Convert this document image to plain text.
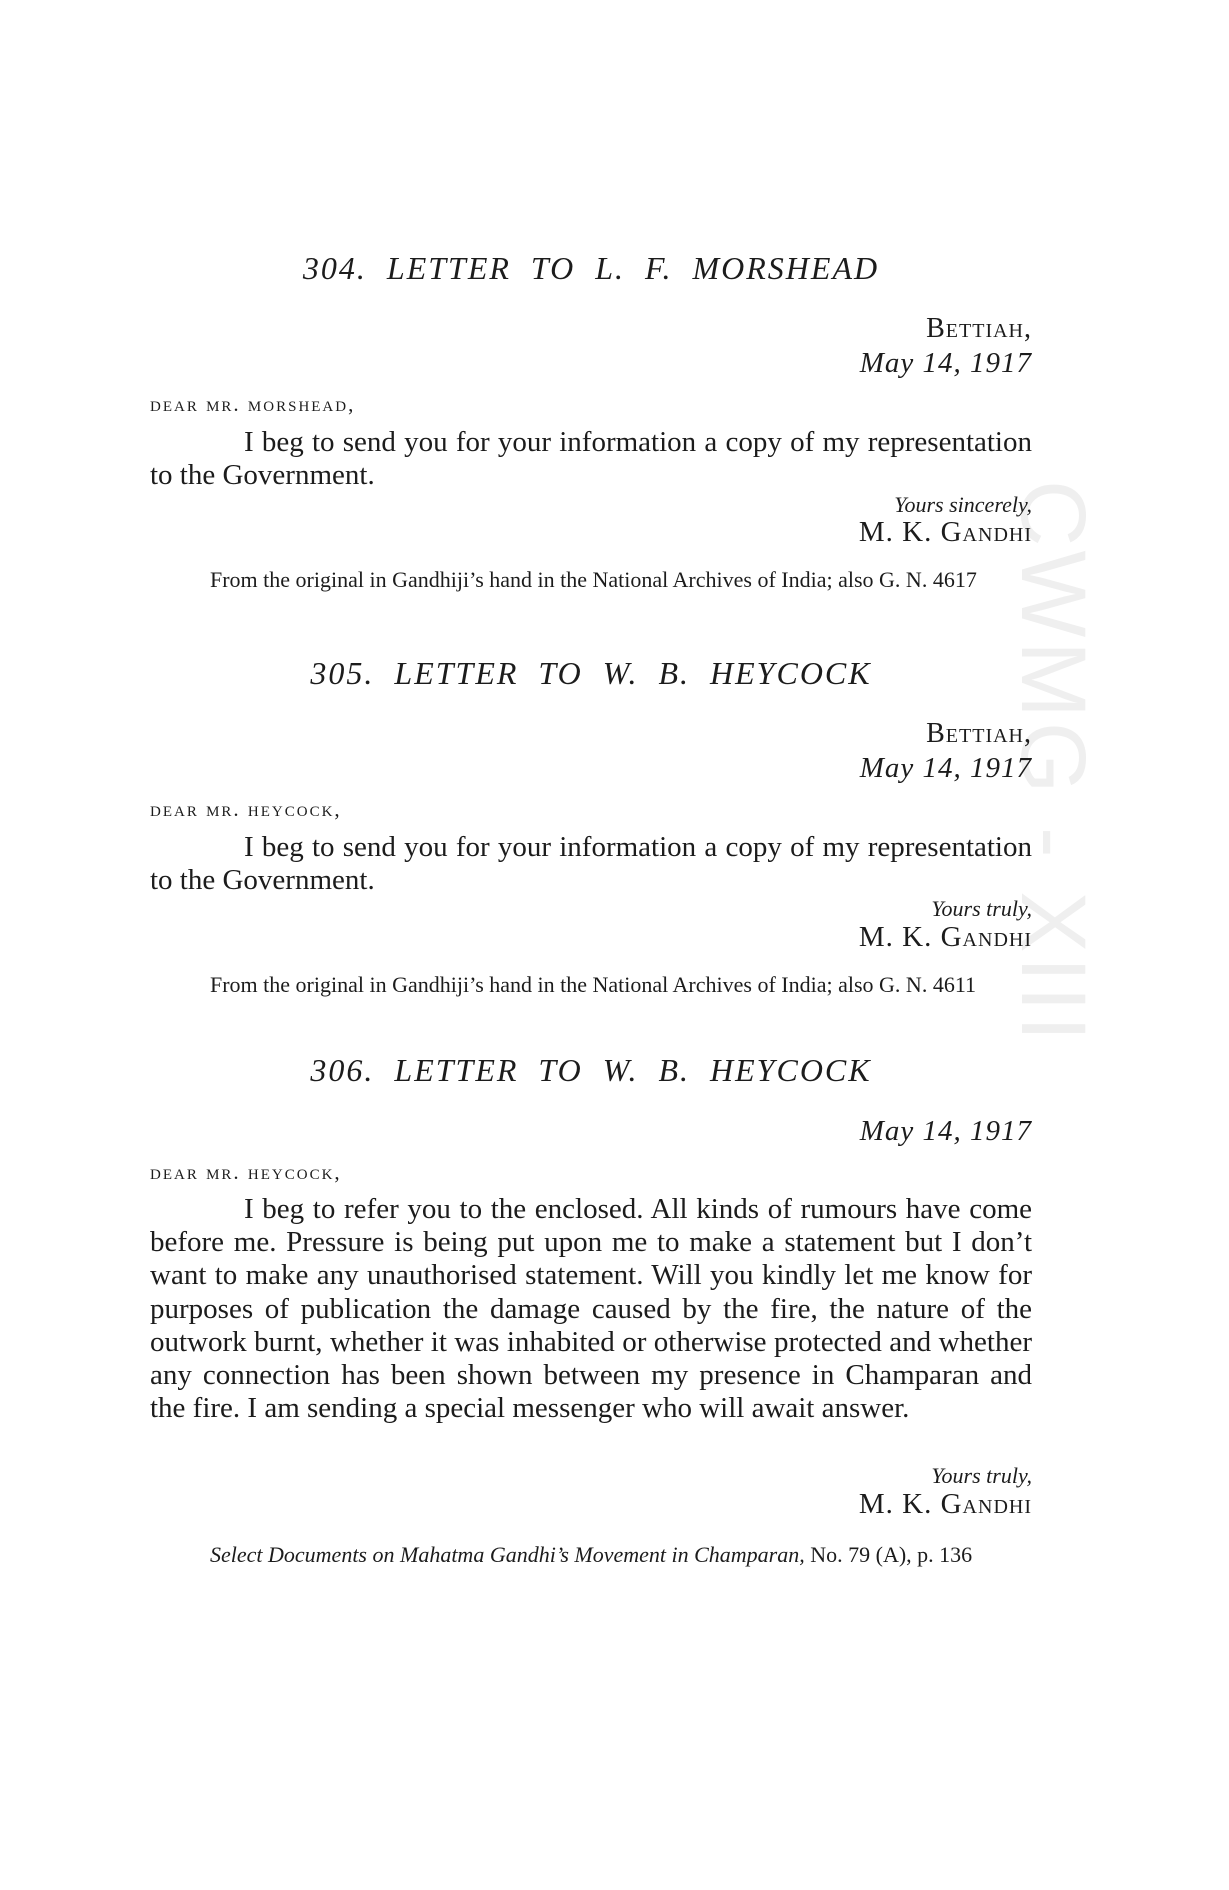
CWMG - XIII
304. LETTER TO L. F. MORSHEAD
Bettiah,
May 14, 1917
dear mr. morshead,

I beg to send you for your information a copy of my representation to the Government.

Yours sincerely,
M. K. Gandhi

From the original in Gandhiji’s hand in the National Archives of India; also G. N. 4617

305. LETTER TO W. B. HEYCOCK
Bettiah,
May 14, 1917
dear mr. heycock,

I beg to send you for your information a copy of my representation to the Government.

Yours truly,
M. K. Gandhi

From the original in Gandhiji’s hand in the National Archives of India; also G. N. 4611

306. LETTER TO W. B. HEYCOCK
May 14, 1917
dear mr. heycock,

I beg to refer you to the enclosed. All kinds of rumours have come before me. Pressure is being put upon me to make a statement but I don’t want to make any unauthorised statement. Will you kindly let me know for purposes of publication the damage caused by the fire, the nature of the outwork burnt, whether it was inhabited or otherwise protected and whether any connection has been shown between my presence in Champaran and the fire. I am sending a special messenger who will await answer.

Yours truly,
M. K. Gandhi

Select Documents on Mahatma Gandhi’s Movement in Champaran, No. 79 (A), p. 136
